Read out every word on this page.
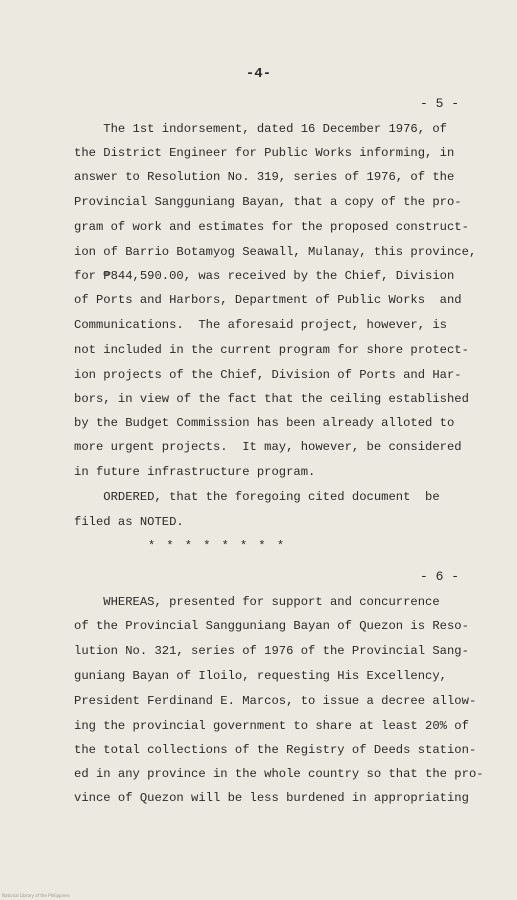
-4-
- 5 -
The 1st indorsement, dated 16 December 1976, of
the District Engineer for Public Works informing, in
answer to Resolution No. 319, series of 1976, of the
Provincial Sangguniang Bayan, that a copy of the pro-
gram of work and estimates for the proposed construct-
ion of Barrio Botamyog Seawall, Mulanay, this province,
for ₱844,590.00, was received by the Chief, Division
of Ports and Harbors, Department of Public Works  and
Communications.  The aforesaid project, however, is
not included in the current program for shore protect-
ion projects of the Chief, Division of Ports and Har-
bors, in view of the fact that the ceiling established
by the Budget Commission has been already alloted to
more urgent projects.  It may, however, be considered
in future infrastructure program.
ORDERED, that the foregoing cited document  be
filed as NOTED.
* * * * * * * *
- 6 -
WHEREAS, presented for support and concurrence
of the Provincial Sangguniang Bayan of Quezon is Reso-
lution No. 321, series of 1976 of the Provincial Sang-
guniang Bayan of Iloilo, requesting His Excellency,
President Ferdinand E. Marcos, to issue a decree allow-
ing the provincial government to share at least 20% of
the total collections of the Registry of Deeds station-
ed in any province in the whole country so that the pro-
vince of Quezon will be less burdened in appropriating
National Library of the Philippines
